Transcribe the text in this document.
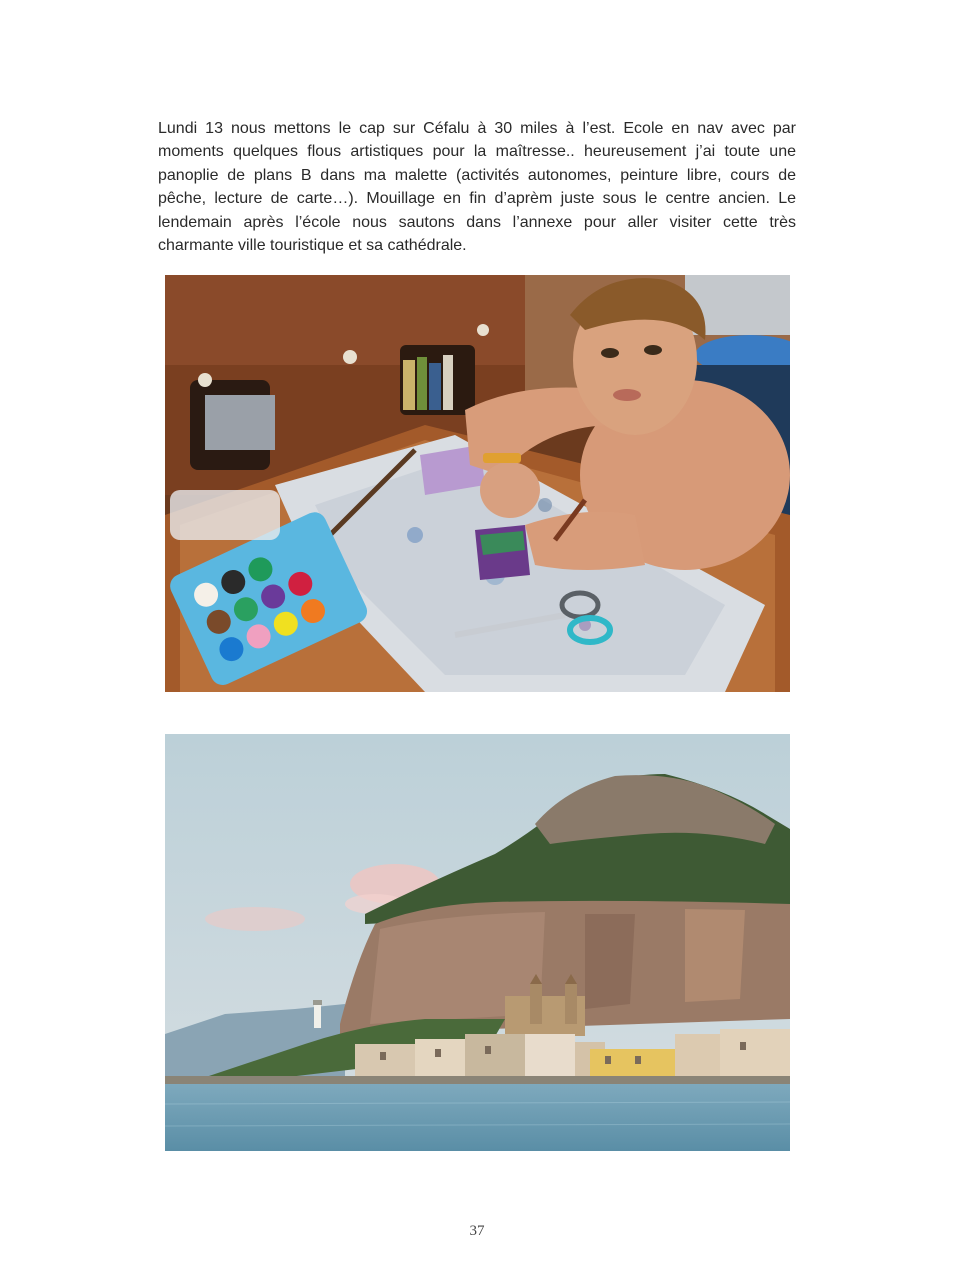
Lundi 13 nous mettons le cap sur Céfalu à 30 miles à l’est. Ecole en nav avec par moments quelques flous artistiques pour la maîtresse.. heureusement j’ai toute une panoplie de plans B dans ma malette (activités autonomes, peinture libre, cours de pêche, lecture de carte…). Mouillage en fin d’aprèm juste sous le centre ancien. Le lendemain après l’école nous sautons dans l’annexe pour aller visiter cette très charmante ville touristique et sa cathédrale.

37
